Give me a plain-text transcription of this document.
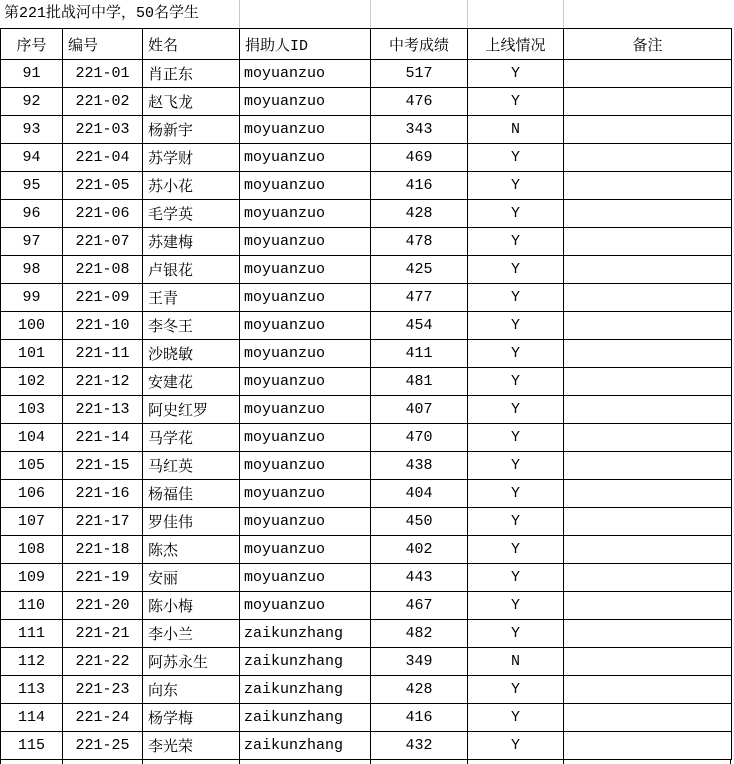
第221批战河中学，50名学生
序号	编号	姓名	捐助人ID	中考成绩	上线情况	备注
91	221-01	肖正东	moyuanzuo	517	Y	
92	221-02	赵飞龙	moyuanzuo	476	Y	
93	221-03	杨新宇	moyuanzuo	343	N	
94	221-04	苏学财	moyuanzuo	469	Y	
95	221-05	苏小花	moyuanzuo	416	Y	
96	221-06	毛学英	moyuanzuo	428	Y	
97	221-07	苏建梅	moyuanzuo	478	Y	
98	221-08	卢银花	moyuanzuo	425	Y	
99	221-09	王青	moyuanzuo	477	Y	
100	221-10	李冬王	moyuanzuo	454	Y	
101	221-11	沙晓敏	moyuanzuo	411	Y	
102	221-12	安建花	moyuanzuo	481	Y	
103	221-13	阿史红罗	moyuanzuo	407	Y	
104	221-14	马学花	moyuanzuo	470	Y	
105	221-15	马红英	moyuanzuo	438	Y	
106	221-16	杨福佳	moyuanzuo	404	Y	
107	221-17	罗佳伟	moyuanzuo	450	Y	
108	221-18	陈杰	moyuanzuo	402	Y	
109	221-19	安丽	moyuanzuo	443	Y	
110	221-20	陈小梅	moyuanzuo	467	Y	
111	221-21	李小兰	zaikunzhang	482	Y	
112	221-22	阿苏永生	zaikunzhang	349	N	
113	221-23	向东	zaikunzhang	428	Y	
114	221-24	杨学梅	zaikunzhang	416	Y	
115	221-25	李光荣	zaikunzhang	432	Y	
